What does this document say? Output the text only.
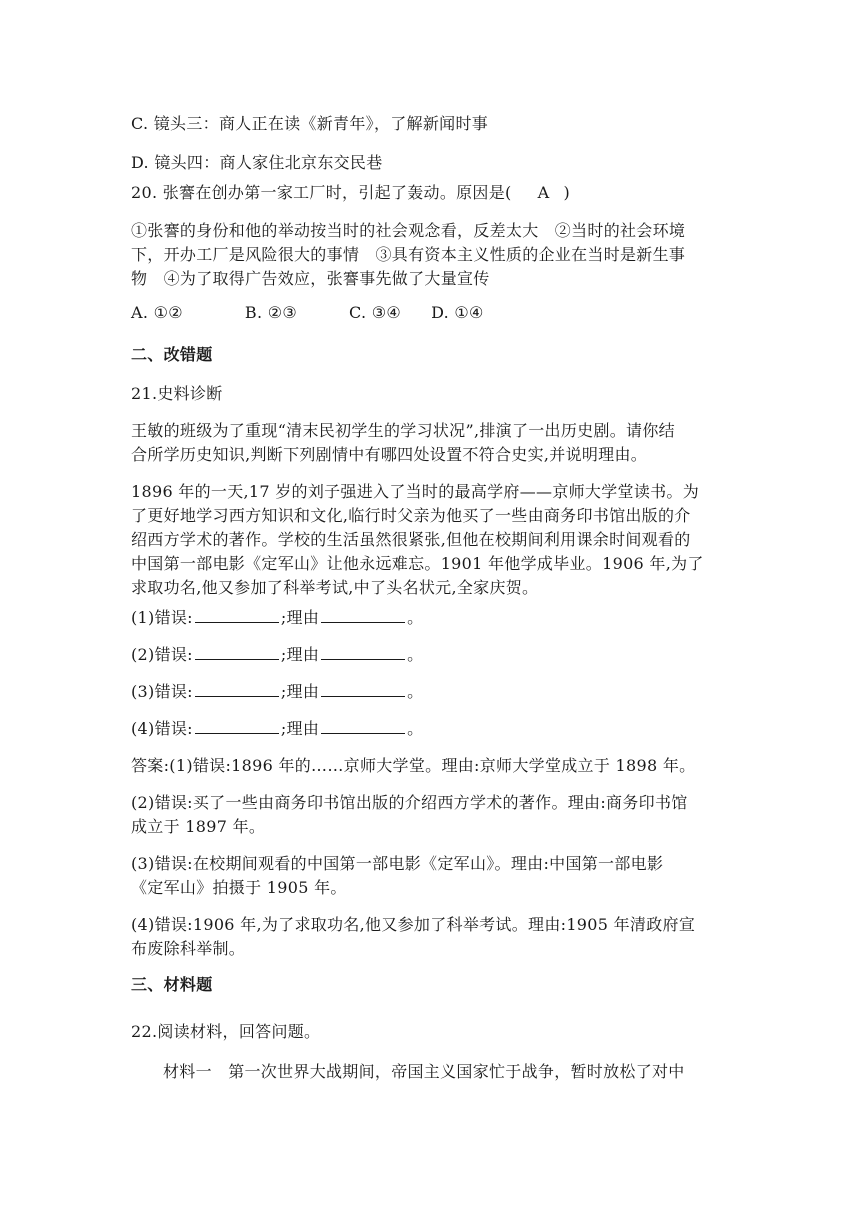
C. 镜头三：商人正在读《新青年》，了解新闻时事
D. 镜头四：商人家住北京东交民巷
20. 张謇在创办第一家工厂时，引起了轰动。原因是( A )
①张謇的身份和他的举动按当时的社会观念看，反差太大　②当时的社会环境
下，开办工厂是风险很大的事情　③具有资本主义性质的企业在当时是新生事
物　④为了取得广告效应，张謇事先做了大量宣传
A. ①②	B. ②③	C. ③④ D. ①④
二、改错题
21.史料诊断
王敏的班级为了重现“清末民初学生的学习状况”,排演了一出历史剧。请你结
合所学历史知识,判断下列剧情中有哪四处设置不符合史实,并说明理由。
1896 年的一天,17 岁的刘子强进入了当时的最高学府——京师大学堂读书。为
了更好地学习西方知识和文化,临行时父亲为他买了一些由商务印书馆出版的介
绍西方学术的著作。学校的生活虽然很紧张,但他在校期间利用课余时间观看的
中国第一部电影《定军山》让他永远难忘。1901 年他学成毕业。1906 年,为了
求取功名,他又参加了科举考试,中了头名状元,全家庆贺。
(1)错误:	;理由	。
(2)错误:	;理由	。
(3)错误:	;理由	。
(4)错误:	;理由	。
答案:(1)错误:1896 年的……京师大学堂。理由:京师大学堂成立于 1898 年。
(2)错误:买了一些由商务印书馆出版的介绍西方学术的著作。理由:商务印书馆
成立于 1897 年。
(3)错误:在校期间观看的中国第一部电影《定军山》。理由:中国第一部电影
《定军山》拍摄于 1905 年。
(4)错误:1906 年,为了求取功名,他又参加了科举考试。理由:1905 年清政府宣
布废除科举制。
三、材料题
22.阅读材料，回答问题。
材料一　第一次世界大战期间，帝国主义国家忙于战争，暂时放松了对中
